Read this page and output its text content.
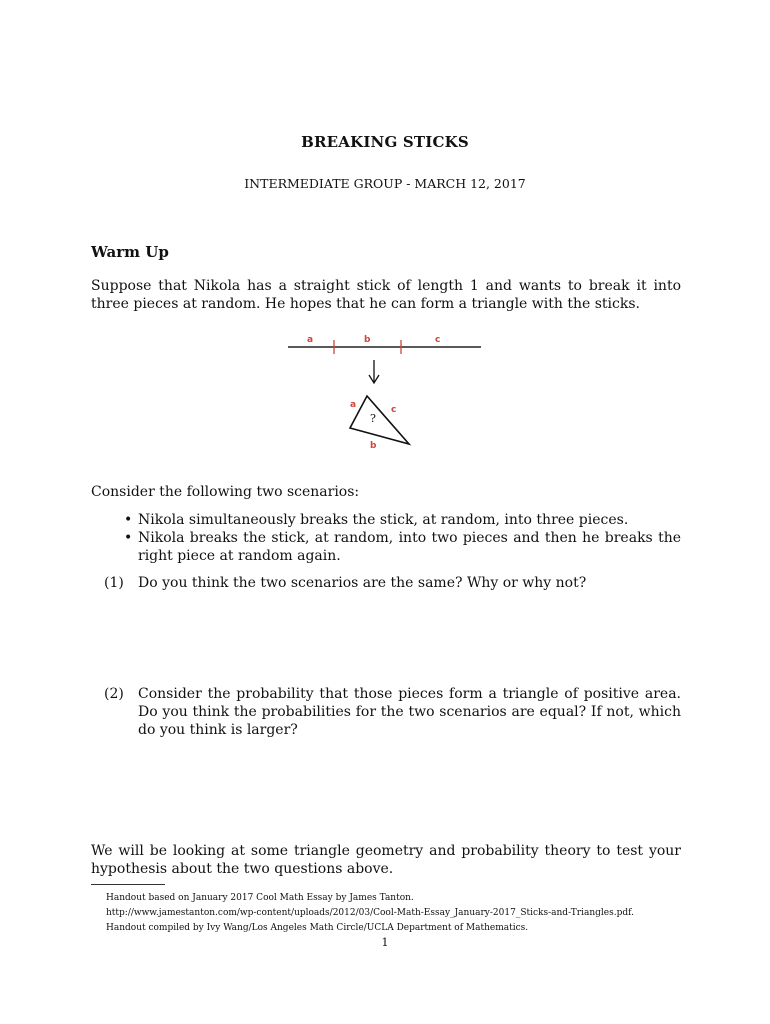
BREAKING STICKS
INTERMEDIATE GROUP - MARCH 12, 2017
Warm Up
Suppose that Nikola has a straight stick of length 1 and wants to break it into three pieces at random. He hopes that he can form a triangle with the sticks.
a	b	c
a	c
b
?
Consider the following two scenarios:
• Nikola simultaneously breaks the stick, at random, into three pieces.
• Nikola breaks the stick, at random, into two pieces and then he breaks the right piece at random again.
(1) Do you think the two scenarios are the same? Why or why not?
(2) Consider the probability that those pieces form a triangle of positive area. Do you think the probabilities for the two scenarios are equal? If not, which do you think is larger?
We will be looking at some triangle geometry and probability theory to test your hypothesis about the two questions above.
Handout based on January 2017 Cool Math Essay by James Tanton.
http://www.jamestanton.com/wp-content/uploads/2012/03/Cool-Math-Essay_January-2017_Sticks-and-Triangles.pdf.
Handout compiled by Ivy Wang/Los Angeles Math Circle/UCLA Department of Mathematics.
1
